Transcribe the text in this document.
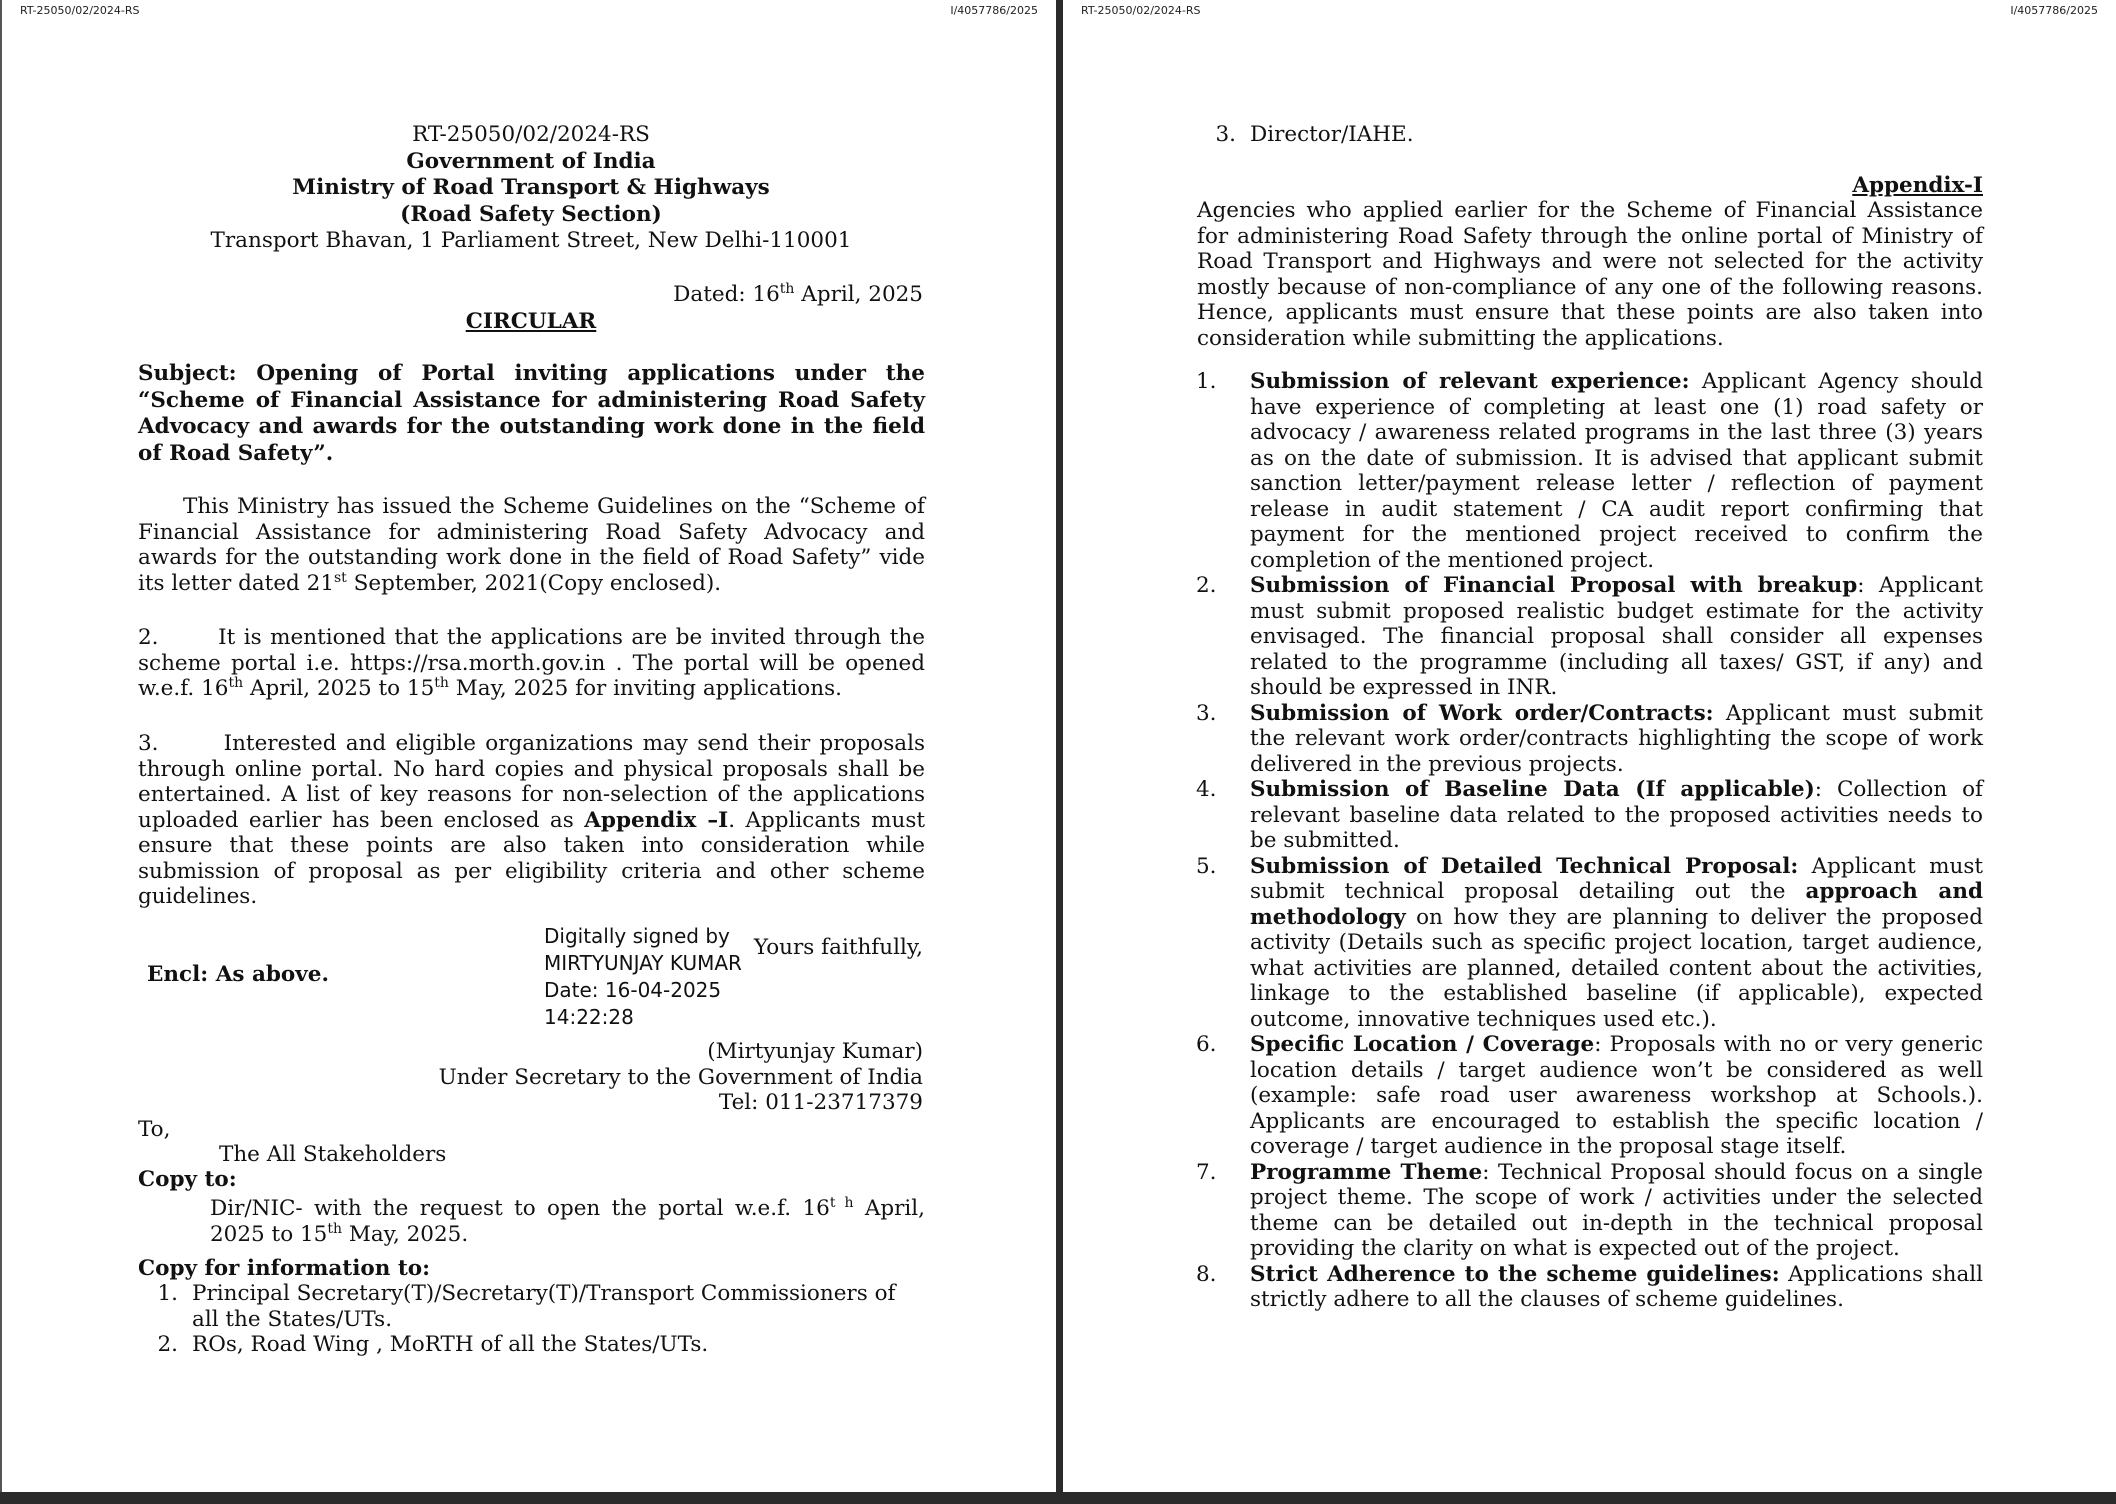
RT-25050/02/2024-RS	I/4057786/2025
RT-25050/02/2024-RS
Government of India
Ministry of Road Transport & Highways
(Road Safety Section)
Transport Bhavan, 1 Parliament Street, New Delhi-110001
Dated: 16th April, 2025
CIRCULAR
Subject: Opening of Portal inviting applications under the “Scheme of Financial Assistance for administering Road Safety Advocacy and awards for the outstanding work done in the field of Road Safety”.
This Ministry has issued the Scheme Guidelines on the “Scheme of Financial Assistance for administering Road Safety Advocacy and awards for the outstanding work done in the field of Road Safety” vide its letter dated 21st September, 2021(Copy enclosed).
2.       It is mentioned that the applications are be invited through the scheme portal i.e. https://rsa.morth.gov.in . The portal will be opened w.e.f. 16th April, 2025 to 15th May, 2025 for inviting applications.
3.       Interested and eligible organizations may send their proposals through online portal. No hard copies and physical proposals shall be entertained. A list of key reasons for non-selection of the applications uploaded earlier has been enclosed as Appendix –I. Applicants must ensure that these points are also taken into consideration while submission of proposal as per eligibility criteria and other scheme guidelines.
Digitally signed by
MIRTYUNJAY KUMAR
Date: 16-04-2025
14:22:28
Yours faithfully,
Encl: As above.
(Mirtyunjay Kumar)
Under Secretary to the Government of India
Tel: 011-23717379
To,
The All Stakeholders
Copy to:
Dir/NIC- with the request to open the portal w.e.f. $16^{t h}$ April, 2025 to 15th May, 2025.
Copy for information to:
1. Principal Secretary(T)/Secretary(T)/Transport Commissioners of all the States/UTs.
2. ROs, Road Wing , MoRTH of all the States/UTs.
RT-25050/02/2024-RS	I/4057786/2025
3. Director/IAHE.
Appendix-I
Agencies who applied earlier for the Scheme of Financial Assistance for administering Road Safety through the online portal of Ministry of Road Transport and Highways and were not selected for the activity mostly because of non-compliance of any one of the following reasons. Hence, applicants must ensure that these points are also taken into consideration while submitting the applications.
1.	Submission of relevant experience: Applicant Agency should have experience of completing at least one (1) road safety or advocacy / awareness related programs in the last three (3) years as on the date of submission. It is advised that applicant submit sanction letter/payment release letter / reflection of payment release in audit statement / CA audit report confirming that payment for the mentioned project received to confirm the completion of the mentioned project.
2.	Submission of Financial Proposal with breakup: Applicant must submit proposed realistic budget estimate for the activity envisaged. The financial proposal shall consider all expenses related to the programme (including all taxes/ GST, if any) and should be expressed in INR.
3.	Submission of Work order/Contracts: Applicant must submit the relevant work order/contracts highlighting the scope of work delivered in the previous projects.
4.	Submission of Baseline Data (If applicable): Collection of relevant baseline data related to the proposed activities needs to be submitted.
5.	Submission of Detailed Technical Proposal: Applicant must submit technical proposal detailing out the approach and methodology on how they are planning to deliver the proposed activity (Details such as specific project location, target audience, what activities are planned, detailed content about the activities, linkage to the established baseline (if applicable), expected outcome, innovative techniques used etc.).
6.	Specific Location / Coverage: Proposals with no or very generic location details / target audience won’t be considered as well (example: safe road user awareness workshop at Schools.). Applicants are encouraged to establish the specific location / coverage / target audience in the proposal stage itself.
7.	Programme Theme: Technical Proposal should focus on a single project theme. The scope of work / activities under the selected theme can be detailed out in-depth in the technical proposal providing the clarity on what is expected out of the project.
8.	Strict Adherence to the scheme guidelines: Applications shall strictly adhere to all the clauses of scheme guidelines.
